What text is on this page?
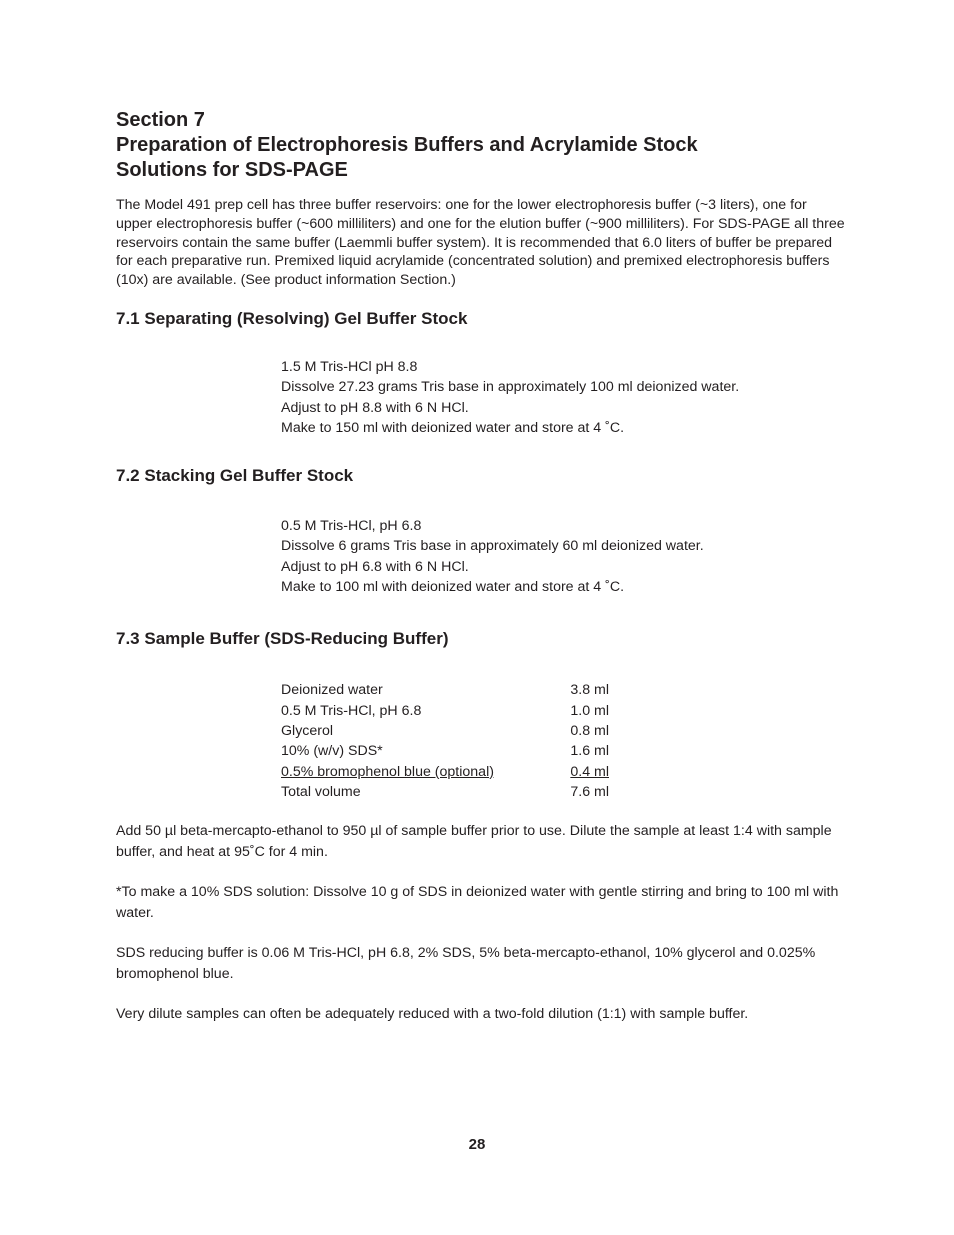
Section 7

Preparation of Electrophoresis Buffers and Acrylamide Stock

Solutions for SDS-PAGE

The Model 491 prep cell has three buffer reservoirs: one for the lower electrophoresis buffer (~3 liters), one for upper electrophoresis buffer (~600 milliliters) and one for the elution buffer (~900 milliliters). For SDS-PAGE all three reservoirs contain the same buffer (Laemmli buffer system). It is recommended that 6.0 liters of buffer be prepared for each preparative run. Premixed liquid acrylamide (concentrated solution) and premixed electrophoresis buffers (10x) are available. (See product information Section.)

7.1 Separating (Resolving) Gel Buffer Stock

1.5 M Tris-HCl pH 8.8

Dissolve 27.23 grams Tris base in approximately 100 ml deionized water.

Adjust to pH 8.8 with 6 N HCl.

Make to 150 ml with deionized water and store at 4 ˚C.

7.2 Stacking Gel Buffer Stock

0.5 M Tris-HCl, pH 6.8

Dissolve 6 grams Tris base in approximately 60 ml deionized water.

Adjust to pH 6.8 with 6 N HCl.

Make to 100 ml with deionized water and store at 4 ˚C.

7.3 Sample Buffer (SDS-Reducing Buffer)

Deionized water	3.8 ml
0.5 M Tris-HCl, pH 6.8	1.0 ml
Glycerol	0.8 ml
10% (w/v) SDS*	1.6 ml
0.5% bromophenol blue (optional)	0.4 ml
Total volume	7.6 ml

Add 50 µl beta-mercapto-ethanol to 950 µl of sample buffer prior to use. Dilute the sample at least 1:4 with sample buffer, and heat at 95˚C for 4 min.

*To make a 10% SDS solution: Dissolve 10 g of SDS in deionized water with gentle stirring and bring to 100 ml with water.

SDS reducing buffer is 0.06 M Tris-HCl, pH 6.8, 2% SDS, 5% beta-mercapto-ethanol, 10% glycerol and 0.025% bromophenol blue.

Very dilute samples can often be adequately reduced with a two-fold dilution (1:1) with sample buffer.

28
